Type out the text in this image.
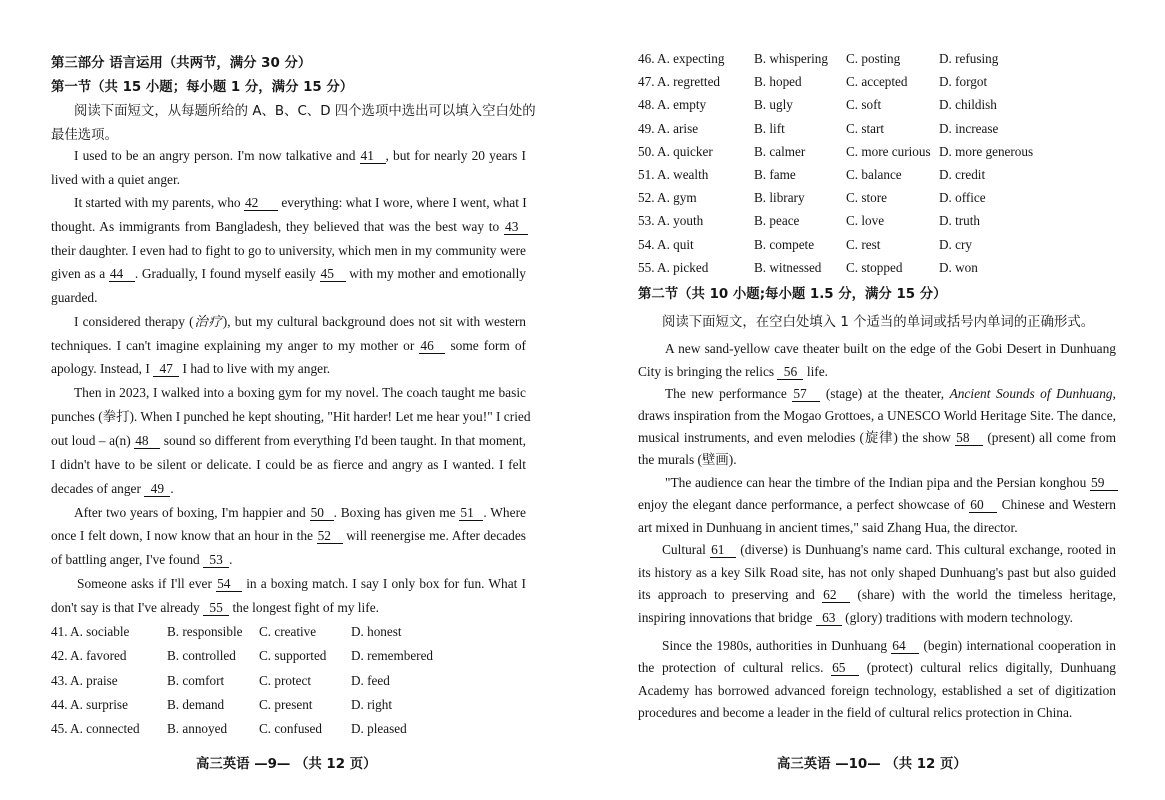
第三部分 语言运用（共两节，满分 30 分）
第一节（共 15 小题；每小题 1 分，满分 15 分）
阅读下面短文，从每题所给的 A、B、C、D 四个选项中选出可以填入空白处的
最佳选项。
I used to be an angry person. I'm now talkative and 41 , but for nearly 20 years I
lived with a quiet anger.
It started with my parents, who 42 everything: what I wore, where I went, what I
thought. As immigrants from Bangladesh, they believed that was the best way to 43
their daughter. I even had to fight to go to university, which men in my community were
given as a 44 . Gradually, I found myself easily 45 with my mother and emotionally
guarded.
I considered therapy (治疗), but my cultural background does not sit with western
techniques. I can't imagine explaining my anger to my mother or 46 some form of
apology. Instead, I 47 I had to live with my anger.
Then in 2023, I walked into a boxing gym for my novel. The coach taught me basic
punches (拳打). When I punched he kept shouting, "Hit harder! Let me hear you!" I cried
out loud – a(n) 48 sound so different from everything I'd been taught. In that moment,
I didn't have to be silent or delicate. I could be as fierce and angry as I wanted. I felt
decades of anger 49 .
After two years of boxing, I'm happier and 50 . Boxing has given me 51 . Where
once I felt down, I now know that an hour in the 52 will reenergise me. After decades
of battling anger, I've found 53 .
Someone asks if I'll ever 54 in a boxing match. I say I only box for fun. What I
don't say is that I've already 55 the longest fight of my life.
41. A. sociable	B. responsible C. creative	D. honest
42. A. favored	B. controlled C. supported D. remembered
43. A. praise	B. comfort	C. protect	D. feed
44. A. surprise	B. demand	C. present	D. right
45. A. connected B. annoyed C. confused D. pleased
高三英语 —9— （共 12 页）
46. A. expecting B. whispering C. posting	D. refusing
47. A. regretted	B. hoped	C. accepted D. forgot
48. A. empty	B. ugly	C. soft	D. childish
49. A. arise	B. lift	C. start	D. increase
50. A. quicker	B. calmer	C. more curious D. more generous
51. A. wealth	B. fame	C. balance	D. credit
52. A. gym	B. library	C. store	D. office
53. A. youth	B. peace	C. love	D. truth
54. A. quit	B. compete C. rest	D. cry
55. A. picked	B. witnessed C. stopped	D. won
第二节（共 10 小题;每小题 1.5 分，满分 15 分）
阅读下面短文，在空白处填入 1 个适当的单词或括号内单词的正确形式。
A new sand-yellow cave theater built on the edge of the Gobi Desert in Dunhuang
City is bringing the relics 56 life.
The new performance 57 (stage) at the theater, Ancient Sounds of Dunhuang,
draws inspiration from the Mogao Grottoes, a UNESCO World Heritage Site. The dance,
musical instruments, and even melodies (旋律) the show 58 (present) all come from
the murals (壁画).
"The audience can hear the timbre of the Indian pipa and the Persian konghou 59
enjoy the elegant dance performance, a perfect showcase of 60 Chinese and Western
art mixed in Dunhuang in ancient times," said Zhang Hua, the director.
Cultural 61 (diverse) is Dunhuang's name card. This cultural exchange, rooted in
its history as a key Silk Road site, has not only shaped Dunhuang's past but also guided
its approach to preserving and 62 (share) with the world the timeless heritage,
inspiring innovations that bridge 63 (glory) traditions with modern technology.
Since the 1980s, authorities in Dunhuang 64 (begin) international cooperation in
the protection of cultural relics. 65 (protect) cultural relics digitally, Dunhuang
Academy has borrowed advanced foreign technology, established a set of digitization
procedures and become a leader in the field of cultural relics protection in China.
高三英语 —10— （共 12 页）
